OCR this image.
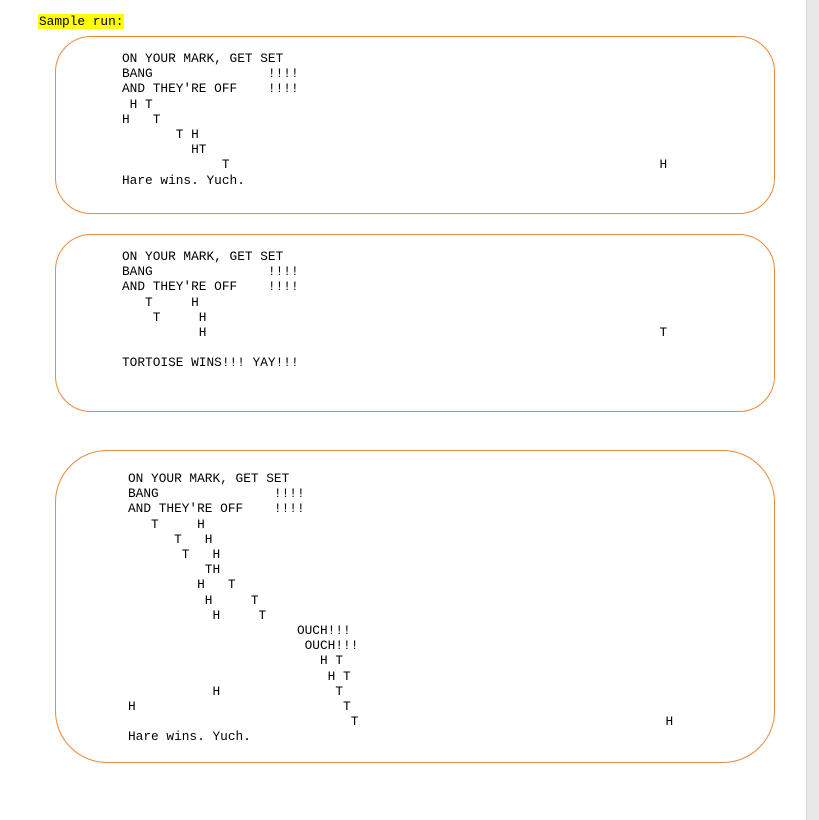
Sample run:
ON YOUR MARK, GET SET
BANG               !!!!
AND THEY'RE OFF    !!!!
H T
H   T
T H
HT
T                                                        H
Hare wins. Yuch.
ON YOUR MARK, GET SET
BANG               !!!!
AND THEY'RE OFF    !!!!
T     H
T     H
H                                                           T

TORTOISE WINS!!! YAY!!!
ON YOUR MARK, GET SET
BANG               !!!!
AND THEY'RE OFF    !!!!
T     H
T   H
T   H
TH
H   T
H     T
H     T
OUCH!!!
OUCH!!!
H T
H T
H               T
H                           T
T                                        H
Hare wins. Yuch.
